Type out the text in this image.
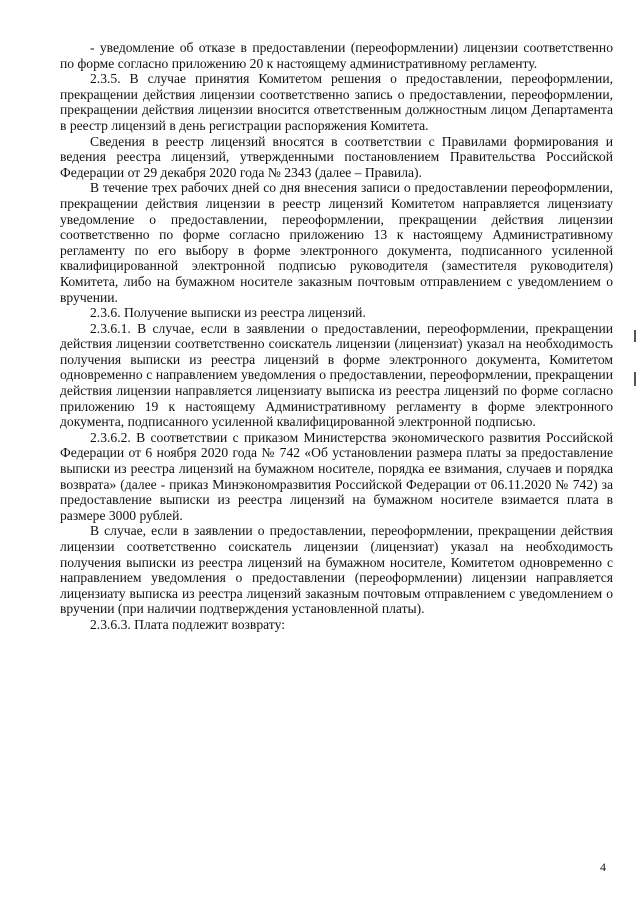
- уведомление об отказе в предоставлении (переоформлении) лицензии соответственно по форме согласно приложению 20 к настоящему административному регламенту.

2.3.5. В случае принятия Комитетом решения о предоставлении, переоформлении, прекращении действия лицензии соответственно запись о предоставлении, переоформлении, прекращении действия лицензии вносится ответственным должностным лицом Департамента в реестр лицензий в день регистрации распоряжения Комитета.

Сведения в реестр лицензий вносятся в соответствии с Правилами формирования и ведения реестра лицензий, утвержденными постановлением Правительства Российской Федерации от 29 декабря 2020 года № 2343 (далее – Правила).

В течение трех рабочих дней со дня внесения записи о предоставлении переоформлении, прекращении действия лицензии в реестр лицензий Комитетом направляется лицензиату уведомление о предоставлении, переоформлении, прекращении действия лицензии соответственно по форме согласно приложению 13 к настоящему Административному регламенту по его выбору в форме электронного документа, подписанного усиленной квалифицированной электронной подписью руководителя (заместителя руководителя) Комитета, либо на бумажном носителе заказным почтовым отправлением с уведомлением о вручении.

2.3.6. Получение выписки из реестра лицензий.

2.3.6.1. В случае, если в заявлении о предоставлении, переоформлении, прекращении действия лицензии соответственно соискатель лицензии (лицензиат) указал на необходимость получения выписки из реестра лицензий в форме электронного документа, Комитетом одновременно с направлением уведомления о предоставлении, переоформлении, прекращении действия лицензии направляется лицензиату выписка из реестра лицензий по форме согласно приложению 19 к настоящему Административному регламенту в форме электронного документа, подписанного усиленной квалифицированной электронной подписью.

2.3.6.2. В соответствии с приказом Министерства экономического развития Российской Федерации от 6 ноября 2020 года № 742 «Об установлении размера платы за предоставление выписки из реестра лицензий на бумажном носителе, порядка ее взимания, случаев и порядка возврата» (далее - приказ Минэкономразвития Российской Федерации от 06.11.2020 № 742) за предоставление выписки из реестра лицензий на бумажном носителе взимается плата в размере 3000 рублей.

В случае, если в заявлении о предоставлении, переоформлении, прекращении действия лицензии соответственно соискатель лицензии (лицензиат) указал на необходимость получения выписки из реестра лицензий на бумажном носителе, Комитетом одновременно с направлением уведомления о предоставлении (переоформлении) лицензии направляется лицензиату выписка из реестра лицензий заказным почтовым отправлением с уведомлением о вручении (при наличии подтверждения установленной платы).

2.3.6.3. Плата подлежит возврату:

4
